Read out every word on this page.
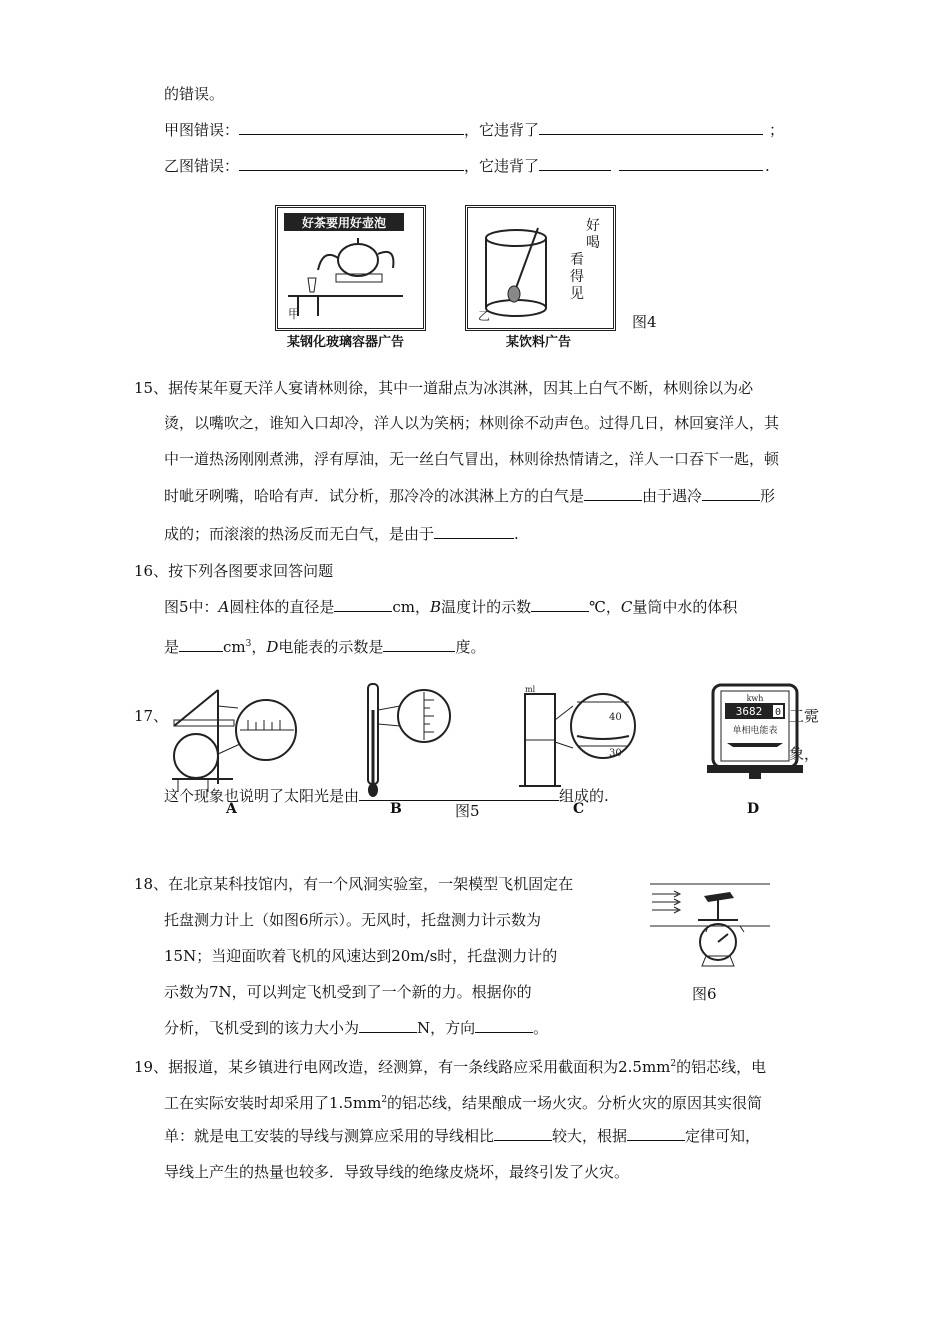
的错误。
甲图错误：	，它违背了	；
乙图错误：	，它违背了	.
好茶要用好壶泡
甲
某钢化玻璃容器广告
乙
好
喝
看
得
见
某饮料广告
图4
15、据传某年夏天洋人宴请林则徐，其中一道甜点为冰淇淋，因其上白气不断，林则徐以为必
烫，以嘴吹之，谁知入口却冷，洋人以为笑柄；林则徐不动声色。过得几日，林回宴洋人，其
中一道热汤刚刚煮沸，浮有厚油，无一丝白气冒出，林则徐热情请之，洋人一口吞下一匙，顿
时呲牙咧嘴，哈哈有声．试分析，那冷冷的冰淇淋上方的白气是	由于遇冷	形
成的；而滚滚的热汤反而无白气，是由于	.
16、按下列各图要求回答问题
图5中：A圆柱体的直径是	cm，B温度计的示数	℃，C量筒中水的体积
是	$cm^3$，D电能表的示数是	度。
17、	工霓
象，
这个现象也说明了太阳光是由	组成的.
A	B	图5
ml
40
30
C
kwh
3682 0
单相电能表
D
18、在北京某科技馆内，有一个风洞实验室，一架模型飞机固定在
托盘测力计上（如图6所示）。无风时，托盘测力计示数为
15N；当迎面吹着飞机的风速达到20m/s时，托盘测力计的
示数为7N，可以判定飞机受到了一个新的力。根据你的
分析，飞机受到的该力大小为	N，方向	。
图6
19、据报道，某乡镇进行电网改造，经测算，有一条线路应采用截面积为$2.5mm^2$的铝芯线，电
工在实际安装时却采用了$1.5mm^2$的铝芯线，结果酿成一场火灾。分析火灾的原因其实很简
单：就是电工安装的导线与测算应采用的导线相比	较大，根据	定律可知，
导线上产生的热量也较多．导致导线的绝缘皮烧坏，最终引发了火灾。
